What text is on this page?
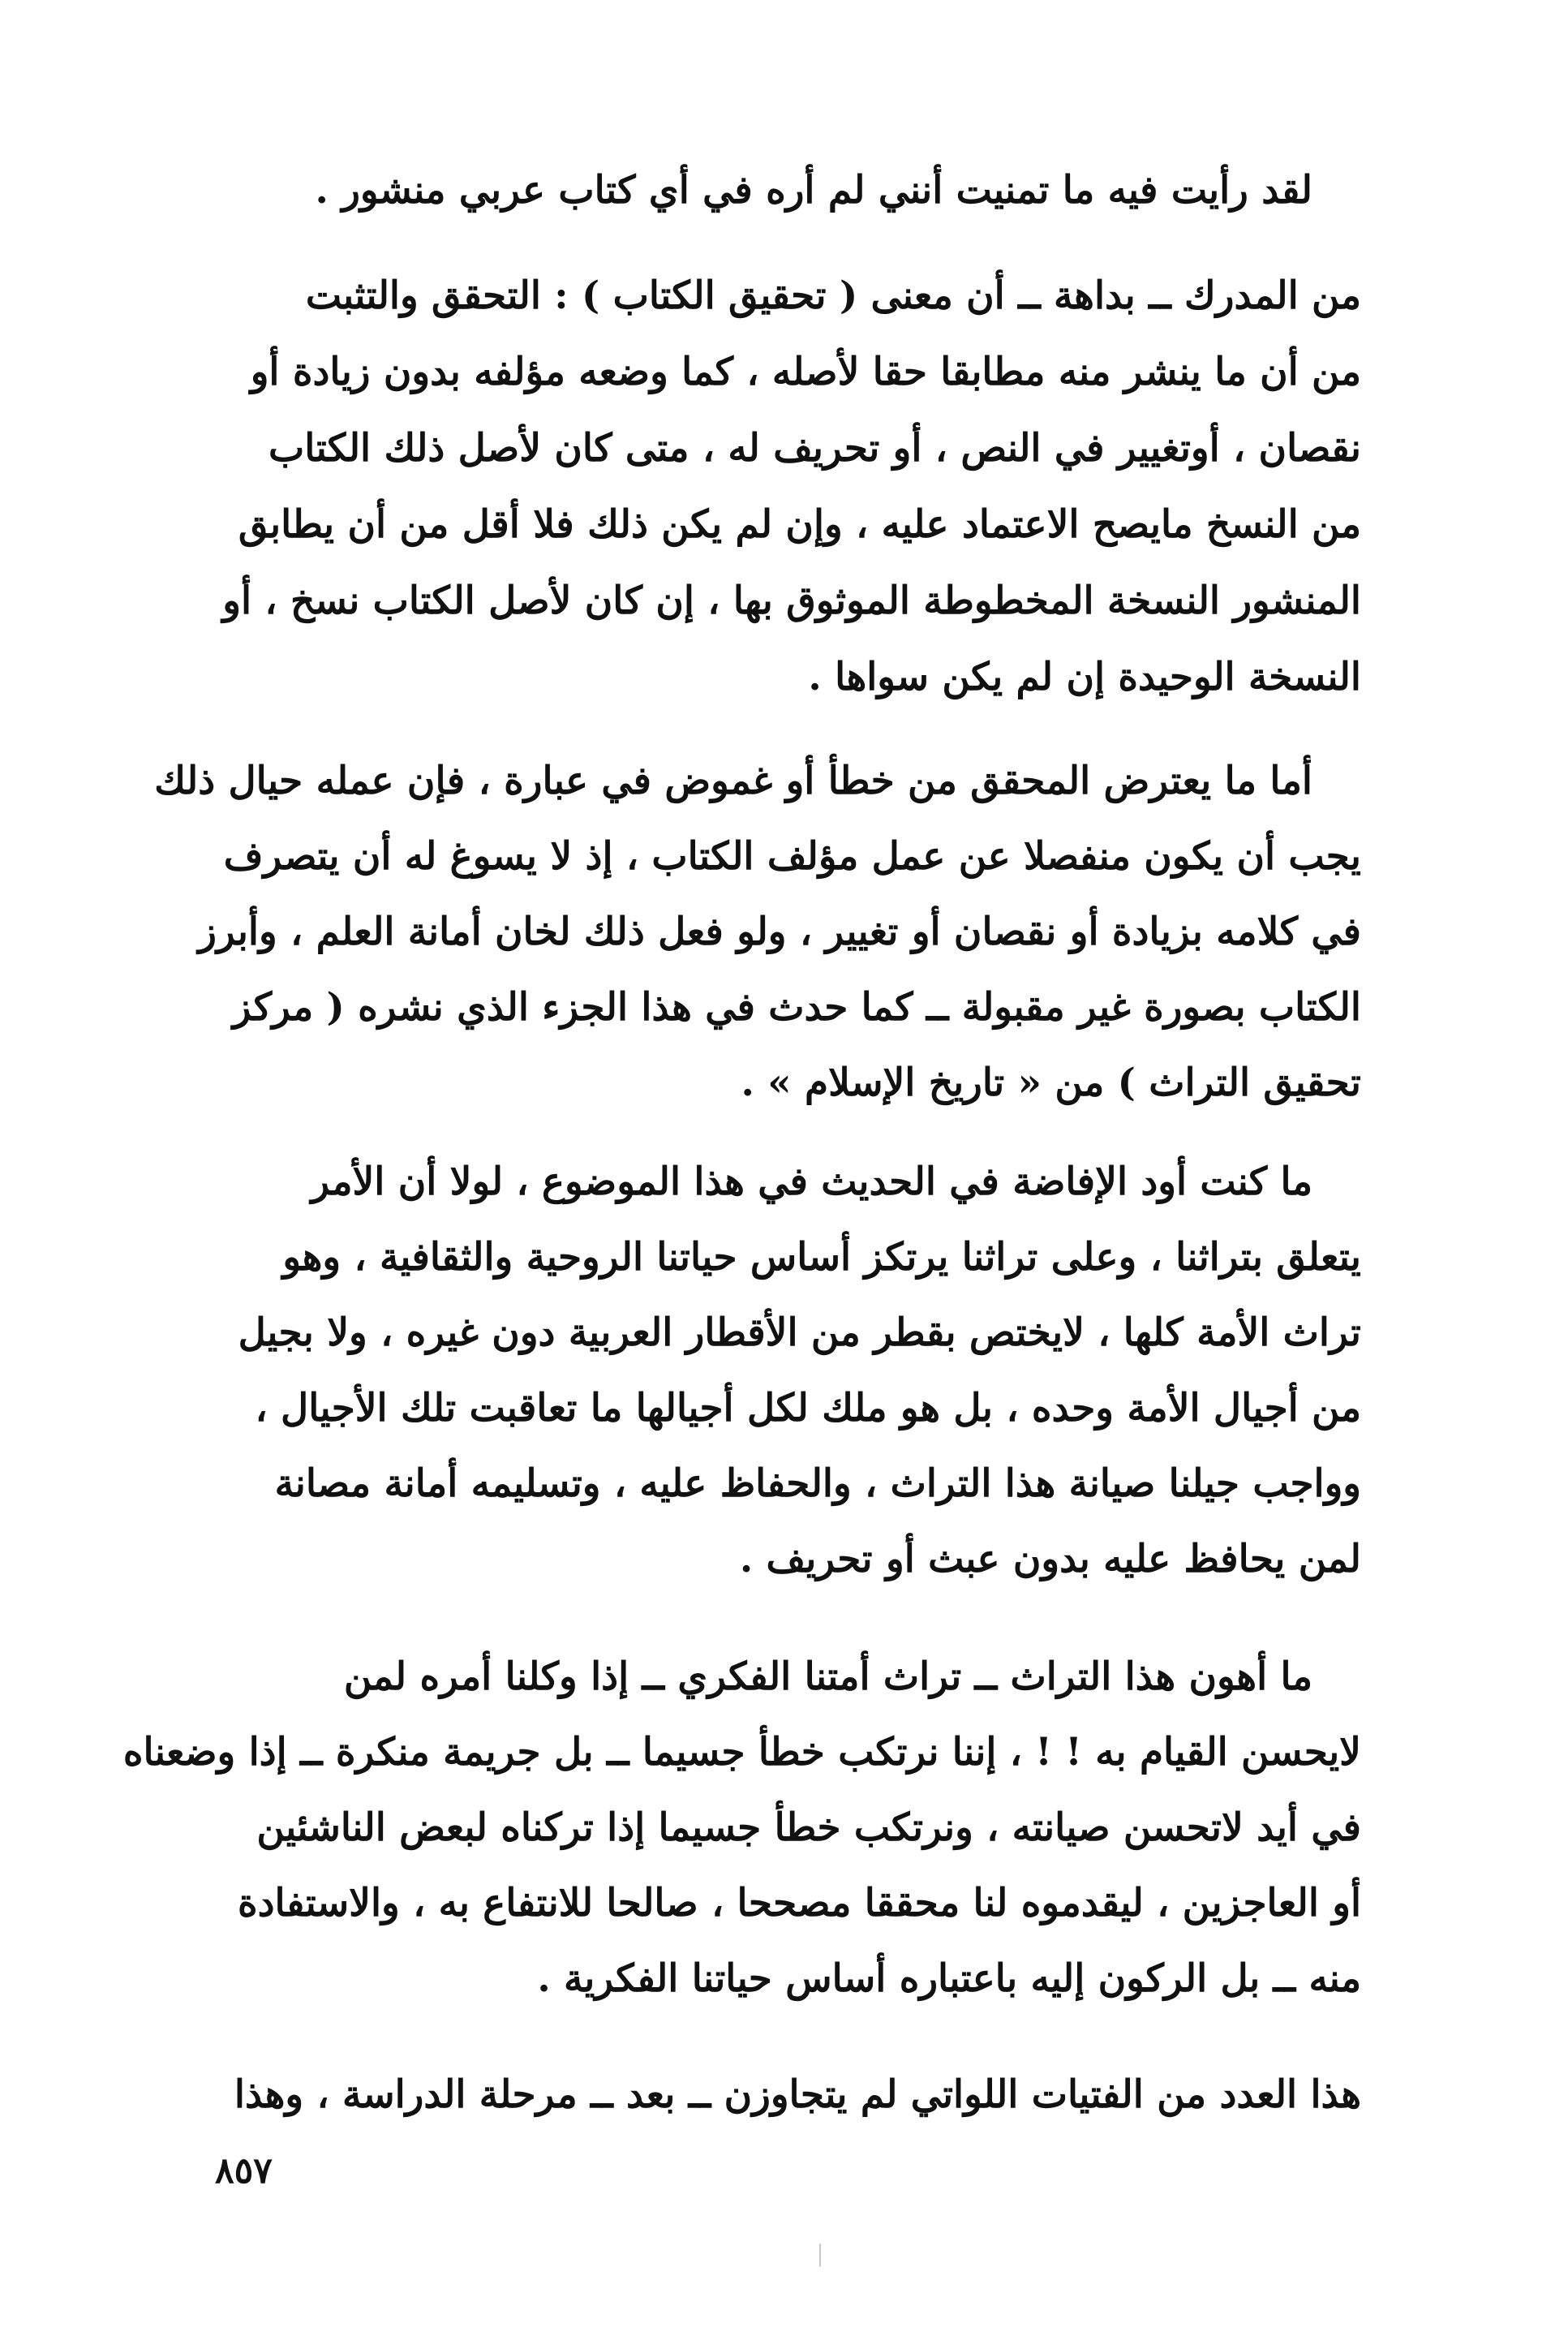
لقد رأيت فيه ما تمنيت أنني لم أره في أي كتاب عربي منشور .
من المدرك ــ بداهة ــ أن معنى ( تحقيق الكتاب ) : التحقق والتثبت
من أن ما ينشر منه مطابقا حقا لأصله ، كما وضعه مؤلفه بدون زيادة أو
نقصان ، أوتغيير في النص ، أو تحريف له ، متى كان لأصل ذلك الكتاب
من النسخ مايصح الاعتماد عليه ، وإن لم يكن ذلك فلا أقل من أن يطابق
المنشور النسخة المخطوطة الموثوق بها ، إن كان لأصل الكتاب نسخ ، أو
النسخة الوحيدة إن لم يكن سواها .
أما ما يعترض المحقق من خطأ أو غموض في عبارة ، فإن عمله حيال ذلك
يجب أن يكون منفصلا عن عمل مؤلف الكتاب ، إذ لا يسوغ له أن يتصرف
في كلامه بزيادة أو نقصان أو تغيير ، ولو فعل ذلك لخان أمانة العلم ، وأبرز
الكتاب بصورة غير مقبولة ــ كما حدث في هذا الجزء الذي نشره ( مركز
تحقيق التراث ) من « تاريخ الإسلام » .
ما كنت أود الإفاضة في الحديث في هذا الموضوع ، لولا أن الأمر
يتعلق بتراثنا ، وعلى تراثنا يرتكز أساس حياتنا الروحية والثقافية ، وهو
تراث الأمة كلها ، لايختص بقطر من الأقطار العربية دون غيره ، ولا بجيل
من أجيال الأمة وحده ، بل هو ملك لكل أجيالها ما تعاقبت تلك الأجيال ،
وواجب جيلنا صيانة هذا التراث ، والحفاظ عليه ، وتسليمه أمانة مصانة
لمن يحافظ عليه بدون عبث أو تحريف .
ما أهون هذا التراث ــ تراث أمتنا الفكري ــ إذا وكلنا أمره لمن
لايحسن القيام به ! ! ، إننا نرتكب خطأ جسيما ــ بل جريمة منكرة ــ إذا وضعناه
في أيد لاتحسن صيانته ، ونرتكب خطأ جسيما إذا تركناه لبعض الناشئين
أو العاجزين ، ليقدموه لنا محققا مصححا ، صالحا للانتفاع به ، والاستفادة
منه ــ بل الركون إليه باعتباره أساس حياتنا الفكرية .
هذا العدد من الفتيات اللواتي لم يتجاوزن ــ بعد ــ مرحلة الدراسة ، وهذا
٨٥٧
